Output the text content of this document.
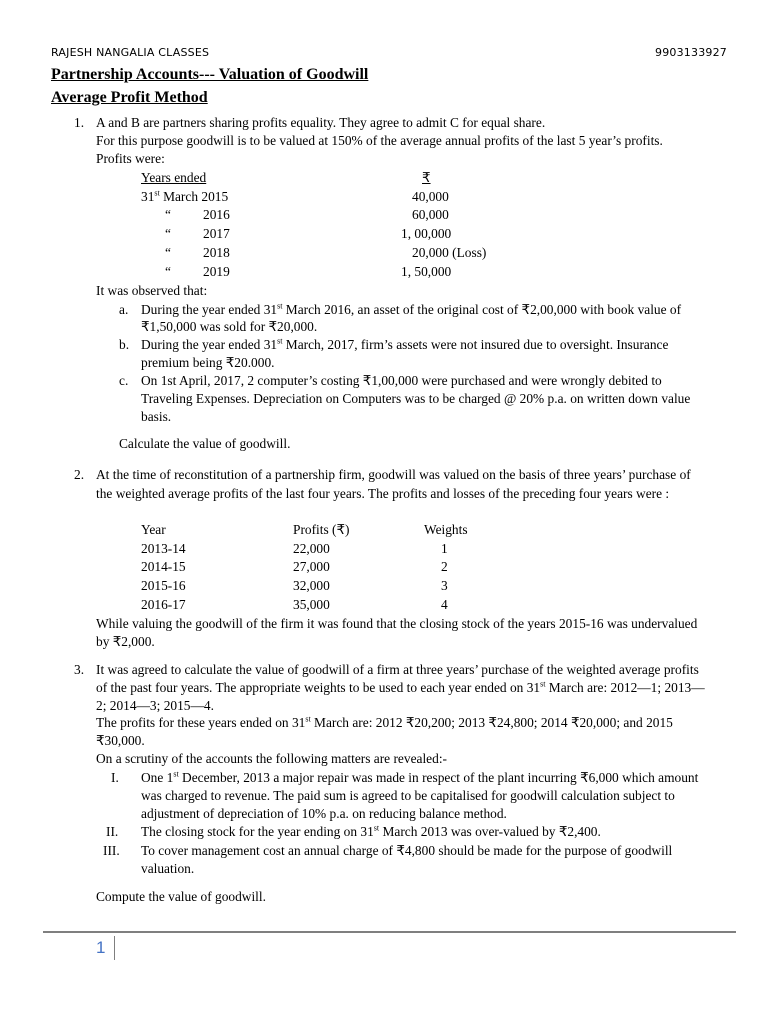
RAJESH NANGALIA CLASSES	9903133927
Partnership Accounts--- Valuation of Goodwill
Average Profit Method
1. A and B are partners sharing profits equality. They agree to admit C for equal share.
For this purpose goodwill is to be valued at 150% of the average annual profits of the last 5 year’s profits.
Profits were:
Years ended	₹
31st March 2015	40,000
“ 2016	60,000
“ 2017	1, 00,000
“ 2018	20,000 (Loss)
“ 2019	1, 50,000
It was observed that:
a. During the year ended 31st March 2016, an asset of the original cost of ₹2,00,000 with book value of
₹1,50,000 was sold for ₹20,000.
b. During the year ended 31st March, 2017, firm’s assets were not insured due to oversight. Insurance
premium being ₹20.000.
c. On 1st April, 2017, 2 computer’s costing ₹1,00,000 were purchased and were wrongly debited to
Traveling Expenses. Depreciation on Computers was to be charged @ 20% p.a. on written down value
basis.
Calculate the value of goodwill.
2. At the time of reconstitution of a partnership firm, goodwill was valued on the basis of three years’ purchase of
the weighted average profits of the last four years. The profits and losses of the preceding four years were :
Year	Profits (₹)	Weights
2013-14	22,000	1
2014-15	27,000	2
2015-16	32,000	3
2016-17	35,000	4
While valuing the goodwill of the firm it was found that the closing stock of the years 2015-16 was undervalued
by ₹2,000.
3. It was agreed to calculate the value of goodwill of a firm at three years’ purchase of the weighted average profits
of the past four years. The appropriate weights to be used to each year ended on 31st March are: 2012—1; 2013—
2; 2014—3; 2015—4.
The profits for these years ended on 31st March are: 2012 ₹20,200; 2013 ₹24,800; 2014 ₹20,000; and 2015
₹30,000.
On a scrutiny of the accounts the following matters are revealed:-
I. One 1st December, 2013 a major repair was made in respect of the plant incurring ₹6,000 which amount
was charged to revenue. The paid sum is agreed to be capitalised for goodwill calculation subject to
adjustment of depreciation of 10% p.a. on reducing balance method.
II. The closing stock for the year ending on 31st March 2013 was over-valued by ₹2,400.
III. To cover management cost an annual charge of ₹4,800 should be made for the purpose of goodwill
valuation.
Compute the value of goodwill.
1
